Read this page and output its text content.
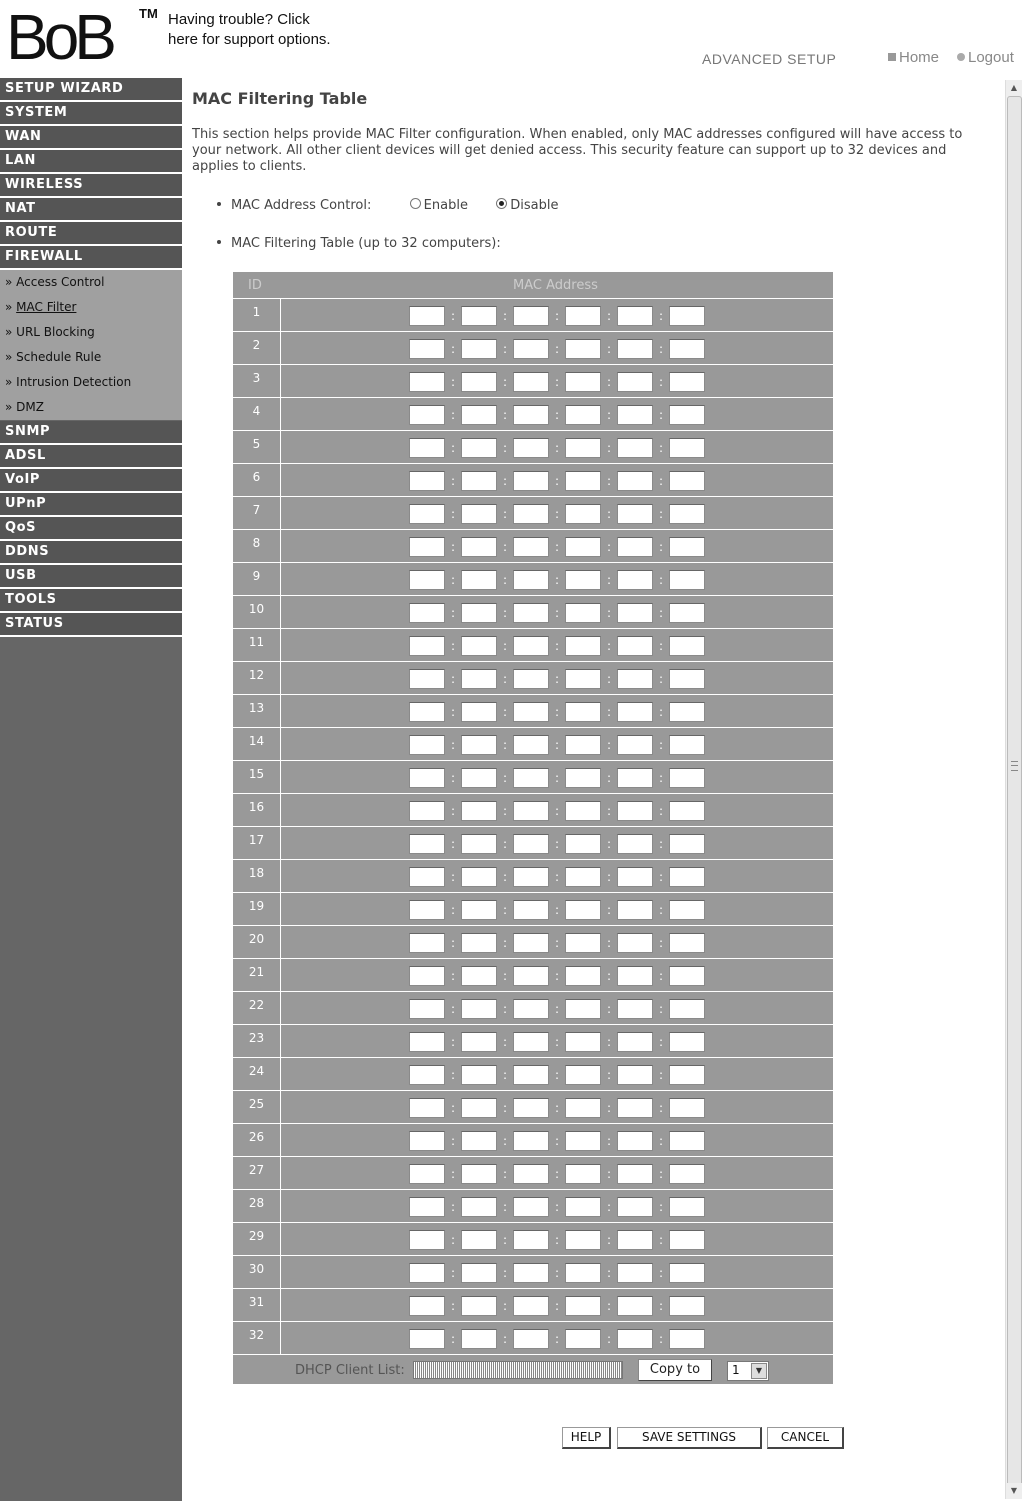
BoB TM Having trouble? Click here for support options.
ADVANCED SETUP	Home	Logout
SETUP WIZARD
SYSTEM
WAN
LAN
WIRELESS
NAT
ROUTE
FIREWALL
» Access Control
» MAC Filter
» URL Blocking
» Schedule Rule
» Intrusion Detection
» DMZ
SNMP
ADSL
VoIP
UPnP
QoS
DDNS
USB
TOOLS
STATUS
MAC Filtering Table
This section helps provide MAC Filter configuration. When enabled, only MAC addresses configured will have access to your network. All other client devices will get denied access. This security feature can support up to 32 devices and applies to clients.
MAC Address Control:	Enable	Disable
MAC Filtering Table (up to 32 computers):
ID	MAC Address
1	:	:	:	:	:
2	:	:	:	:	:
3	:	:	:	:	:
4	:	:	:	:	:
5	:	:	:	:	:
6	:	:	:	:	:
7	:	:	:	:	:
8	:	:	:	:	:
9	:	:	:	:	:
10	:	:	:	:	:
11	:	:	:	:	:
12	:	:	:	:	:
13	:	:	:	:	:
14	:	:	:	:	:
15	:	:	:	:	:
16	:	:	:	:	:
17	:	:	:	:	:
18	:	:	:	:	:
19	:	:	:	:	:
20	:	:	:	:	:
21	:	:	:	:	:
22	:	:	:	:	:
23	:	:	:	:	:
24	:	:	:	:	:
25	:	:	:	:	:
26	:	:	:	:	:
27	:	:	:	:	:
28	:	:	:	:	:
29	:	:	:	:	:
30	:	:	:	:	:
31	:	:	:	:	:
32	:	:	:	:	:
DHCP Client List:	Copy to	1	▼
HELP	SAVE SETTINGS	CANCEL
▲
▼
